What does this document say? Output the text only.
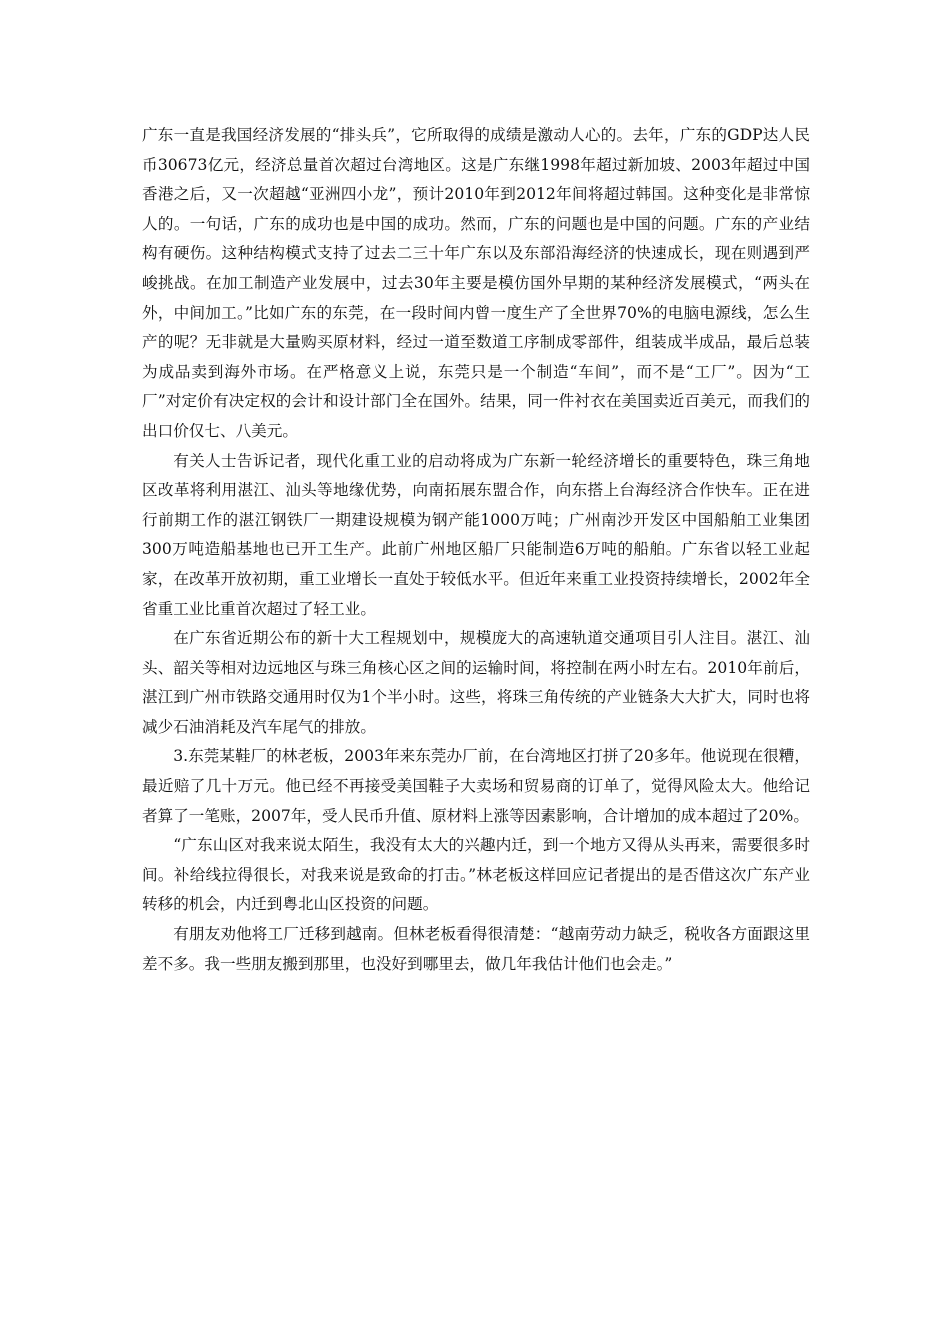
广东一直是我国经济发展的“排头兵”，它所取得的成绩是激动人心的。去年，广东的GDP达人民币30673亿元，经济总量首次超过台湾地区。这是广东继1998年超过新加坡、2003年超过中国香港之后，又一次超越“亚洲四小龙”，预计2010年到2012年间将超过韩国。这种变化是非常惊人的。一句话，广东的成功也是中国的成功。然而，广东的问题也是中国的问题。广东的产业结构有硬伤。这种结构模式支持了过去二三十年广东以及东部沿海经济的快速成长，现在则遇到严峻挑战。在加工制造产业发展中，过去30年主要是模仿国外早期的某种经济发展模式，“两头在外，中间加工。”比如广东的东莞，在一段时间内曾一度生产了全世界70%的电脑电源线，怎么生产的呢？无非就是大量购买原材料，经过一道至数道工序制成零部件，组装成半成品，最后总装为成品卖到海外市场。在严格意义上说，东莞只是一个制造“车间”，而不是“工厂”。因为“工厂”对定价有决定权的会计和设计部门全在国外。结果，同一件衬衣在美国卖近百美元，而我们的出口价仅七、八美元。

有关人士告诉记者，现代化重工业的启动将成为广东新一轮经济增长的重要特色，珠三角地区改革将利用湛江、汕头等地缘优势，向南拓展东盟合作，向东搭上台海经济合作快车。正在进行前期工作的湛江钢铁厂一期建设规模为钢产能1000万吨；广州南沙开发区中国船舶工业集团300万吨造船基地也已开工生产。此前广州地区船厂只能制造6万吨的船舶。广东省以轻工业起家，在改革开放初期，重工业增长一直处于较低水平。但近年来重工业投资持续增长，2002年全省重工业比重首次超过了轻工业。

在广东省近期公布的新十大工程规划中，规模庞大的高速轨道交通项目引人注目。湛江、汕头、韶关等相对边远地区与珠三角核心区之间的运输时间，将控制在两小时左右。2010年前后，湛江到广州市铁路交通用时仅为1个半小时。这些，将珠三角传统的产业链条大大扩大，同时也将减少石油消耗及汽车尾气的排放。

3.东莞某鞋厂的林老板，2003年来东莞办厂前，在台湾地区打拼了20多年。他说现在很糟，最近赔了几十万元。他已经不再接受美国鞋子大卖场和贸易商的订单了，觉得风险太大。他给记者算了一笔账，2007年，受人民币升值、原材料上涨等因素影响，合计增加的成本超过了20%。

“广东山区对我来说太陌生，我没有太大的兴趣内迁，到一个地方又得从头再来，需要很多时间。补给线拉得很长，对我来说是致命的打击。”林老板这样回应记者提出的是否借这次广东产业转移的机会，内迁到粤北山区投资的问题。

有朋友劝他将工厂迁移到越南。但林老板看得很清楚：“越南劳动力缺乏，税收各方面跟这里差不多。我一些朋友搬到那里，也没好到哪里去，做几年我估计他们也会走。”
